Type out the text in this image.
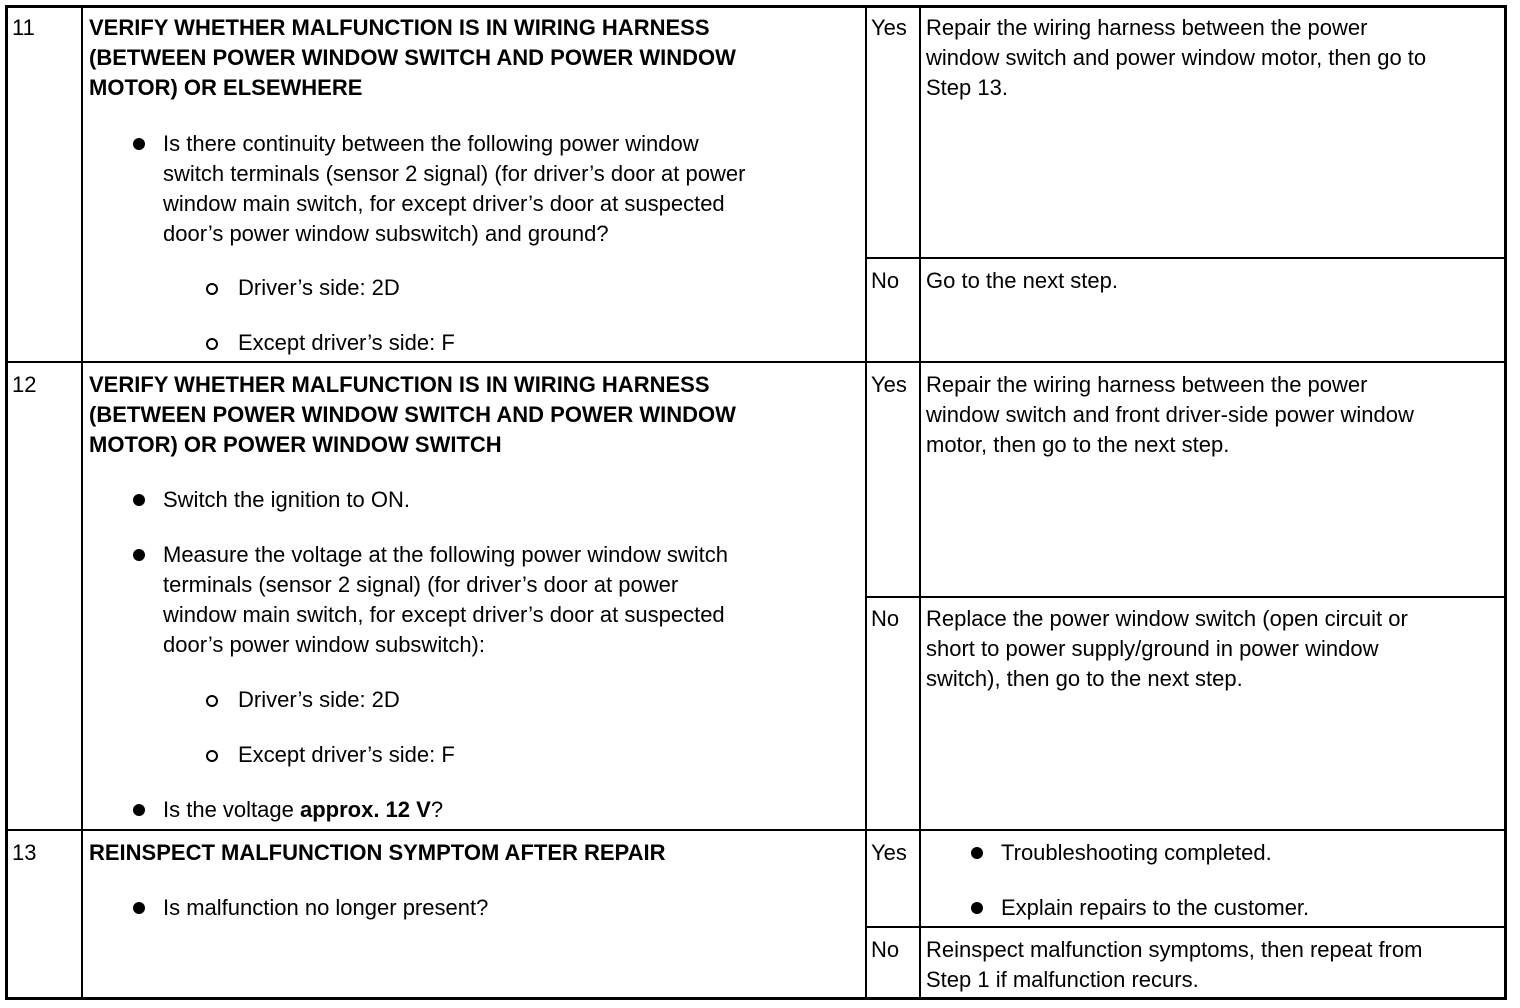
11 VERIFY WHETHER MALFUNCTION IS IN WIRING HARNESS
(BETWEEN POWER WINDOW SWITCH AND POWER WINDOW
MOTOR) OR ELSEWHERE
Is there continuity between the following power window
switch terminals (sensor 2 signal) (for driver’s door at power
window main switch, for except driver’s door at suspected
door’s power window subswitch) and ground?
Driver’s side: 2D
Except driver’s side: F
Yes Repair the wiring harness between the power
window switch and power window motor, then go to
Step 13.
No Go to the next step.
12 VERIFY WHETHER MALFUNCTION IS IN WIRING HARNESS
(BETWEEN POWER WINDOW SWITCH AND POWER WINDOW
MOTOR) OR POWER WINDOW SWITCH
Switch the ignition to ON.
Measure the voltage at the following power window switch
terminals (sensor 2 signal) (for driver’s door at power
window main switch, for except driver’s door at suspected
door’s power window subswitch):
Driver’s side: 2D
Except driver’s side: F
Is the voltage approx. 12 V?
Yes Repair the wiring harness between the power
window switch and front driver-side power window
motor, then go to the next step.
No Replace the power window switch (open circuit or
short to power supply/ground in power window
switch), then go to the next step.
13 REINSPECT MALFUNCTION SYMPTOM AFTER REPAIR
Is malfunction no longer present?
Yes	Troubleshooting completed.
Explain repairs to the customer.
No Reinspect malfunction symptoms, then repeat from
Step 1 if malfunction recurs.
